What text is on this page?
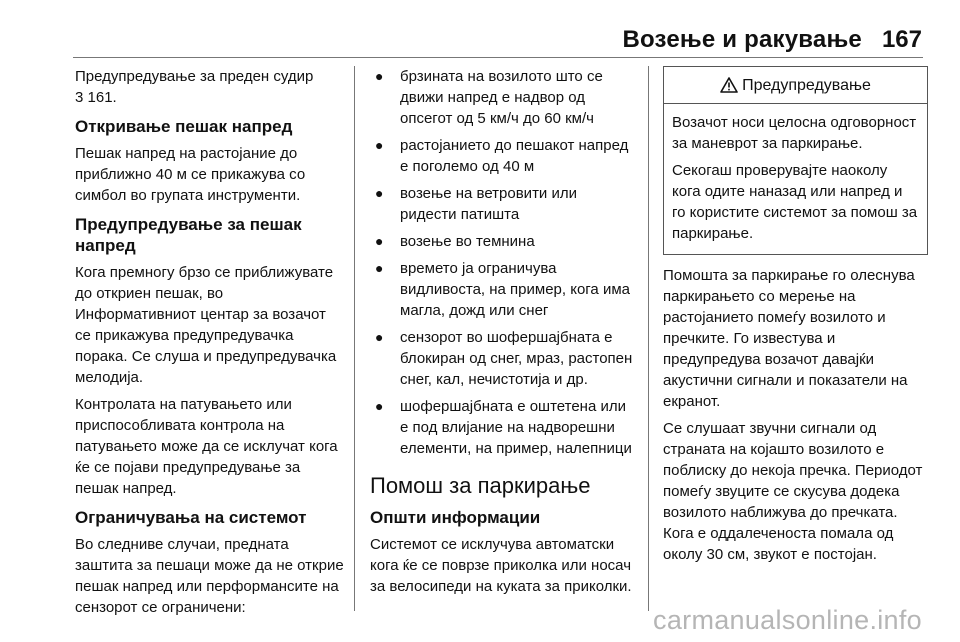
Возење и ракување 167

Предупредување за преден судир
3 161.

Откривање пешак напред

Пешак напред на растојание до приближно 40 м се прикажува со симбол во групата инструменти.

Предупредување за пешак напред

Кога премногу брзо се приближувате до откриен пешак, во Информативниот центар за возачот се прикажува предупредувачка порака. Се слуша и предупредувачка мелодија.

Контролата на патувањето или приспособливата контрола на патувањето може да се исклучат кога ќе се појави предупредување за пешак напред.

Ограничувања на системот

Во следниве случаи, предната заштита за пешаци може да не открие пешак напред или перформансите на сензорот се ограничени:

● брзината на возилото што се движи напред е надвор од опсегот од 5 км/ч до 60 км/ч
● растојанието до пешакот напред е поголемо од 40 м
● возење на ветровити или ридести патишта
● возење во темнина
● времето ја ограничува видливоста, на пример, кога има магла, дожд или снег
● сензорот во шофершајбната е блокиран од снег, мраз, растопен снег, кал, нечистотија и др.
● шофершајбната е оштетена или е под влијание на надворешни елементи, на пример, налепници
Помош за паркирање
Општи информации

Системот се исклучува автоматски кога ќе се поврзе приколка или носач за велосипеди на куката за приколки.

Предупредување

Возачот носи целосна одговорност за маневрот за паркирање.

Секогаш проверувајте наоколу кога одите наназад или напред и го користите системот за помош за паркирање.

Помошта за паркирање го олеснува паркирањето со мерење на растојанието помеѓу возилото и пречките. Го известува и предупредува возачот давајќи акустични сигнали и показатели на екранот.

Се слушаат звучни сигнали од страната на којашто возилото е поблиску до некоја пречка. Периодот помеѓу звуците се скусува додека возилото наближува до пречката. Кога е оддалеченоста помала од околу 30 см, звукот е постојан.

carmanualsonline.info
